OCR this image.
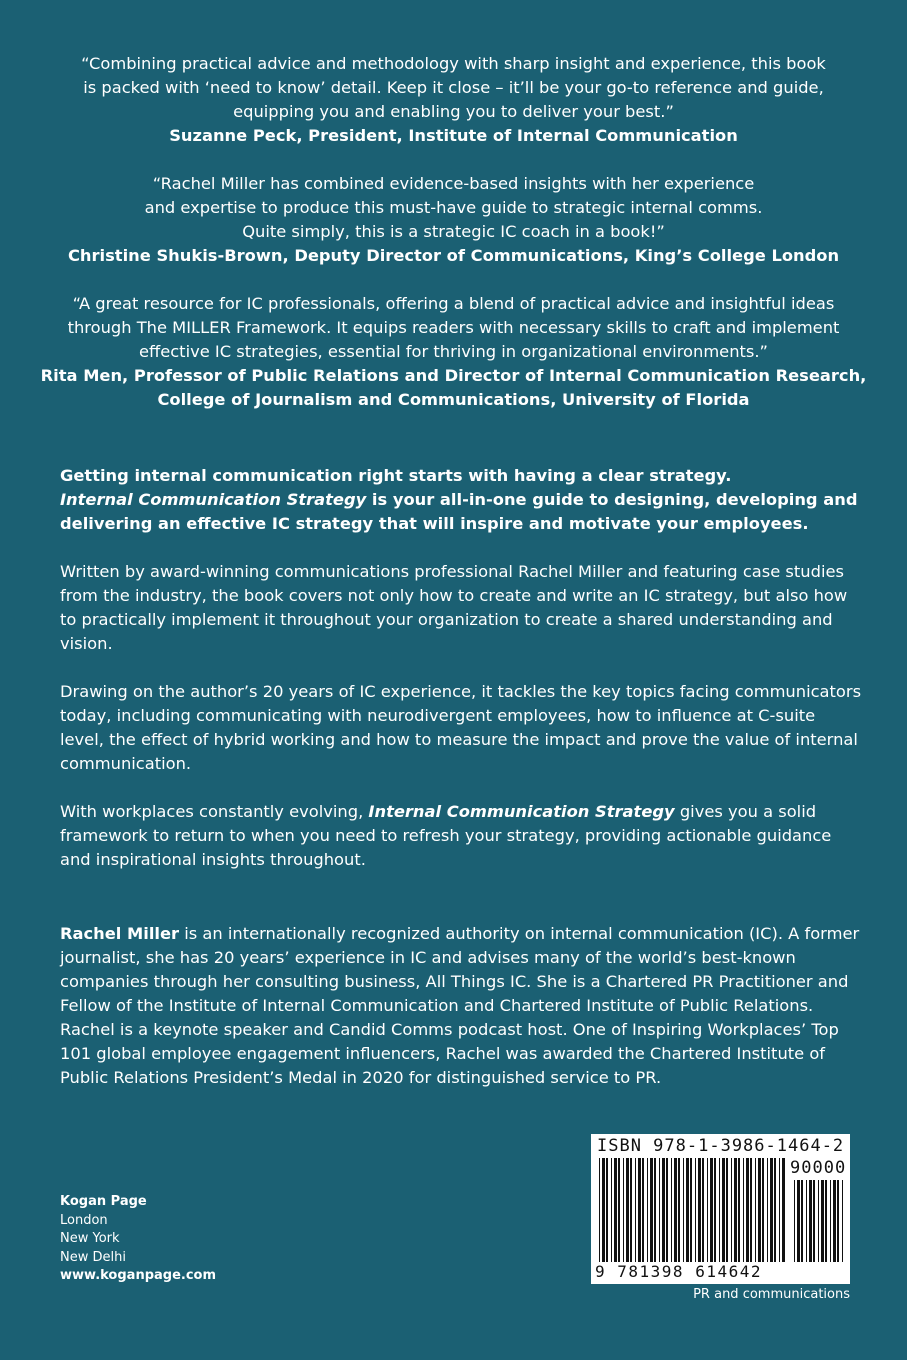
“Combining practical advice and methodology with sharp insight and experience, this book
is packed with ‘need to know’ detail. Keep it close – it’ll be your go-to reference and guide,
equipping you and enabling you to deliver your best.”
Suzanne Peck, President, Institute of Internal Communication
“Rachel Miller has combined evidence-based insights with her experience
and expertise to produce this must-have guide to strategic internal comms.
Quite simply, this is a strategic IC coach in a book!”
Christine Shukis-Brown, Deputy Director of Communications, King’s College London
“A great resource for IC professionals, offering a blend of practical advice and insightful ideas
through The MILLER Framework. It equips readers with necessary skills to craft and implement
effective IC strategies, essential for thriving in organizational environments.”
Rita Men, Professor of Public Relations and Director of Internal Communication Research,
College of Journalism and Communications, University of Florida

Getting internal communication right starts with having a clear strategy.
Internal Communication Strategy is your all-in-one guide to designing, developing and delivering an effective IC strategy that will inspire and motivate your employees.

Written by award-winning communications professional Rachel Miller and featuring case studies from the industry, the book covers not only how to create and write an IC strategy, but also how to practically implement it throughout your organization to create a shared understanding and vision.

Drawing on the author’s 20 years of IC experience, it tackles the key topics facing communicators today, including communicating with neurodivergent employees, how to influence at C-suite level, the effect of hybrid working and how to measure the impact and prove the value of internal communication.

With workplaces constantly evolving, Internal Communication Strategy gives you a solid framework to return to when you need to refresh your strategy, providing actionable guidance and inspirational insights throughout.

Rachel Miller is an internationally recognized authority on internal communication (IC). A former journalist, she has 20 years’ experience in IC and advises many of the world’s best-known companies through her consulting business, All Things IC. She is a Chartered PR Practitioner and Fellow of the Institute of Internal Communication and Chartered Institute of Public Relations. Rachel is a keynote speaker and Candid Comms podcast host. One of Inspiring Workplaces’ Top 101 global employee engagement influencers, Rachel was awarded the Chartered Institute of Public Relations President’s Medal in 2020 for distinguished service to PR.
Kogan Page
London
New York
New Delhi
www.koganpage.com
ISBN 978-1-3986-1464-2
90000
9 781398 614642
PR and communications
